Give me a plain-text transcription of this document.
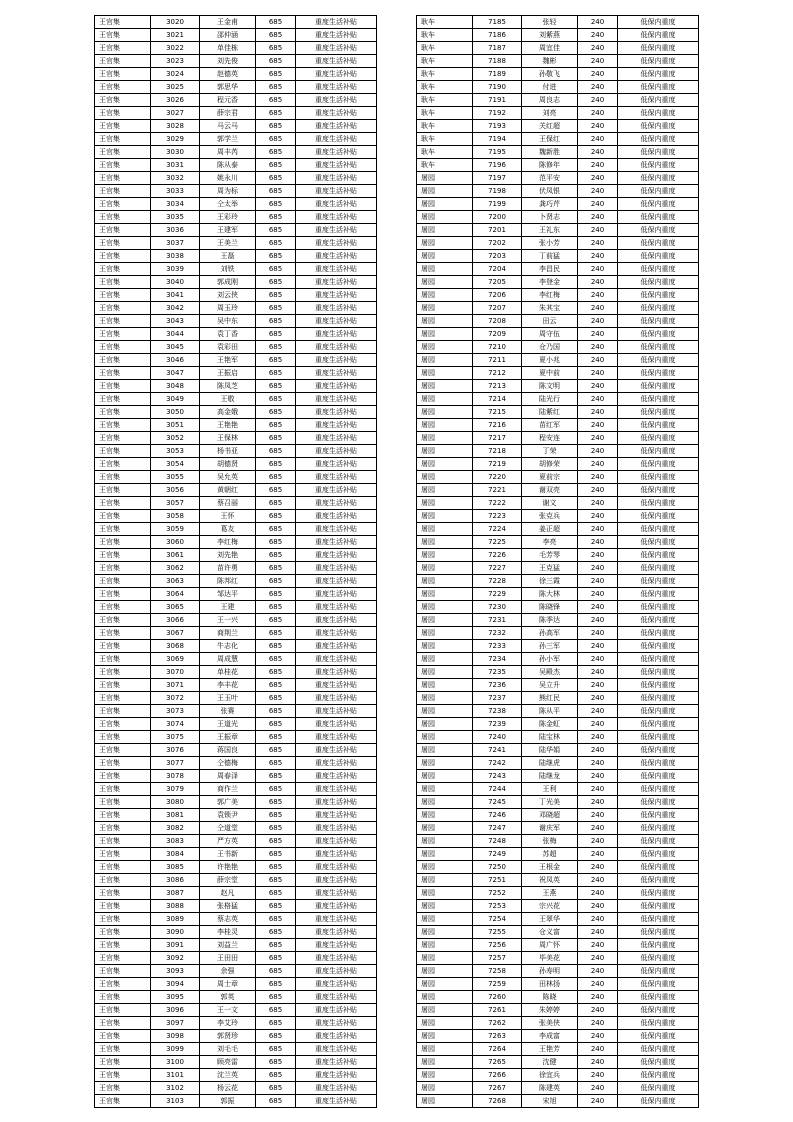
王官集	3020	王金甫	685	重度生活补贴
王官集	3021	邵仲涵	685	重度生活补贴
王官集	3022	单佳栋	685	重度生活补贴
王官集	3023	刘先俊	685	重度生活补贴
王官集	3024	赵德英	685	重度生活补贴
王官集	3025	郭思华	685	重度生活补贴
王官集	3026	程元香	685	重度生活补贴
王官集	3027	薛宗君	685	重度生活补贴
王官集	3028	马云马	685	重度生活补贴
王官集	3029	郭学兰	685	重度生活补贴
王官集	3030	周丰芮	685	重度生活补贴
王官集	3031	陈从泰	685	重度生活补贴
王官集	3032	姚永川	685	重度生活补贴
王官集	3033	周为标	685	重度生活补贴
王官集	3034	仝太举	685	重度生活补贴
王官集	3035	王彩玲	685	重度生活补贴
王官集	3036	王建军	685	重度生活补贴
王官集	3037	王美兰	685	重度生活补贴
王官集	3038	王磊	685	重度生活补贴
王官集	3039	刘铁	685	重度生活补贴
王官集	3040	郭成刚	685	重度生活补贴
王官集	3041	刘云侠	685	重度生活补贴
王官集	3042	周玉玲	685	重度生活补贴
王官集	3043	吴中东	685	重度生活补贴
王官集	3044	袁丁香	685	重度生活补贴
王官集	3045	袁彩田	685	重度生活补贴
王官集	3046	王艳军	685	重度生活补贴
王官集	3047	王振启	685	重度生活补贴
王官集	3048	陈凤芝	685	重度生活补贴
王官集	3049	王敬	685	重度生活补贴
王官集	3050	高金娥	685	重度生活补贴
王官集	3051	王艳艳	685	重度生活补贴
王官集	3052	王保林	685	重度生活补贴
王官集	3053	杨书亚	685	重度生活补贴
王官集	3054	胡德贤	685	重度生活补贴
王官集	3055	吴允英	685	重度生活补贴
王官集	3056	黄朝红	685	重度生活补贴
王官集	3057	蔡召丽	685	重度生活补贴
王官集	3058	王怀	685	重度生活补贴
王官集	3059	葛友	685	重度生活补贴
王官集	3060	李红梅	685	重度生活补贴
王官集	3061	刘先艳	685	重度生活补贴
王官集	3062	苗许勇	685	重度生活补贴
王官集	3063	陈邦红	685	重度生活补贴
王官集	3064	邹达平	685	重度生活补贴
王官集	3065	王建	685	重度生活补贴
王官集	3066	王一兴	685	重度生活补贴
王官集	3067	商荆兰	685	重度生活补贴
王官集	3068	牛志化	685	重度生活补贴
王官集	3069	周成慧	685	重度生活补贴
王官集	3070	单桂花	685	重度生活补贴
王官集	3071	李丰花	685	重度生活补贴
王官集	3072	王玉叶	685	重度生活补贴
王官集	3073	张赛	685	重度生活补贴
王官集	3074	王道光	685	重度生活补贴
王官集	3075	王振章	685	重度生活补贴
王官集	3076	蒋国良	685	重度生活补贴
王官集	3077	仝德梅	685	重度生活补贴
王官集	3078	周春泽	685	重度生活补贴
王官集	3079	商作兰	685	重度生活补贴
王官集	3080	郭广美	685	重度生活补贴
王官集	3081	袁锁尹	685	重度生活补贴
王官集	3082	仝道堂	685	重度生活补贴
王官集	3083	严方英	685	重度生活补贴
王官集	3084	王书新	685	重度生活补贴
王官集	3085	许艳艳	685	重度生活补贴
王官集	3086	薛宗堂	685	重度生活补贴
王官集	3087	赵凡	685	重度生活补贴
王官集	3088	张格猛	685	重度生活补贴
王官集	3089	蔡志英	685	重度生活补贴
王官集	3090	李桂灵	685	重度生活补贴
王官集	3091	刘益兰	685	重度生活补贴
王官集	3092	王田田	685	重度生活补贴
王官集	3093	余强	685	重度生活补贴
王官集	3094	周士章	685	重度生活补贴
王官集	3095	郭英	685	重度生活补贴
王官集	3096	王一文	685	重度生活补贴
王官集	3097	李艾玲	685	重度生活补贴
王官集	3098	郭贤珍	685	重度生活补贴
王官集	3099	刘毛毛	685	重度生活补贴
王官集	3100	顾亮雷	685	重度生活补贴
王官集	3101	沈兰英	685	重度生活补贴
王官集	3102	杨云花	685	重度生活补贴
王官集	3103	郭振	685	重度生活补贴
耿车	7185	张轻	240	低保内重度
耿车	7186	刘紫燕	240	低保内重度
耿车	7187	周宜佳	240	低保内重度
耿车	7188	魏彬	240	低保内重度
耿车	7189	孙敬飞	240	低保内重度
耿车	7190	付进	240	低保内重度
耿车	7191	周良志	240	低保内重度
耿车	7192	刘亮	240	低保内重度
耿车	7193	关红超	240	低保内重度
耿车	7194	王保红	240	低保内重度
耿车	7195	魏新胜	240	低保内重度
耿车	7196	陈修年	240	低保内重度
屠园	7197	范平安	240	低保内重度
屠园	7198	伏凤银	240	低保内重度
屠园	7199	龚巧芹	240	低保内重度
屠园	7200	卜贤志	240	低保内重度
屠园	7201	王礼东	240	低保内重度
屠园	7202	张小芳	240	低保内重度
屠园	7203	丁前猛	240	低保内重度
屠园	7204	李昌民	240	低保内重度
屠园	7205	李登金	240	低保内重度
屠园	7206	李红梅	240	低保内重度
屠园	7207	朱其宝	240	低保内重度
屠园	7208	田云	240	低保内重度
屠园	7209	周守伍	240	低保内重度
屠园	7210	仓乃国	240	低保内重度
屠园	7211	夏小兆	240	低保内重度
屠园	7212	夏中前	240	低保内重度
屠园	7213	陈文明	240	低保内重度
屠园	7214	陆光行	240	低保内重度
屠园	7215	陆紫红	240	低保内重度
屠园	7216	苗红军	240	低保内重度
屠园	7217	程安连	240	低保内重度
屠园	7218	丁荣	240	低保内重度
屠园	7219	胡修荣	240	低保内重度
屠园	7220	夏前宗	240	低保内重度
屠园	7221	谢双亮	240	低保内重度
屠园	7222	谢文	240	低保内重度
屠园	7223	张克兵	240	低保内重度
屠园	7224	姜正超	240	低保内重度
屠园	7225	李亮	240	低保内重度
屠园	7226	毛芳琴	240	低保内重度
屠园	7227	王克猛	240	低保内重度
屠园	7228	徐三霞	240	低保内重度
屠园	7229	陈大林	240	低保内重度
屠园	7230	陈晓锋	240	低保内重度
屠园	7231	陈季达	240	低保内重度
屠园	7232	孙高军	240	低保内重度
屠园	7233	孙三军	240	低保内重度
屠园	7234	孙小军	240	低保内重度
屠园	7235	吴殿杰	240	低保内重度
屠园	7236	吴立升	240	低保内重度
屠园	7237	熊红民	240	低保内重度
屠园	7238	陈从平	240	低保内重度
屠园	7239	陈金虹	240	低保内重度
屠园	7240	陆宝林	240	低保内重度
屠园	7241	陆华娟	240	低保内重度
屠园	7242	陆继虎	240	低保内重度
屠园	7243	陆继龙	240	低保内重度
屠园	7244	王利	240	低保内重度
屠园	7245	丁光美	240	低保内重度
屠园	7246	邓晓超	240	低保内重度
屠园	7247	谢庆军	240	低保内重度
屠园	7248	张梅	240	低保内重度
屠园	7249	苏超	240	低保内重度
屠园	7250	王根金	240	低保内重度
屠园	7251	祝凤英	240	低保内重度
屠园	7252	王燕	240	低保内重度
屠园	7253	宗兴花	240	低保内重度
屠园	7254	王翠华	240	低保内重度
屠园	7255	仓义富	240	低保内重度
屠园	7256	周广怀	240	低保内重度
屠园	7257	毕美花	240	低保内重度
屠园	7258	孙寿明	240	低保内重度
屠园	7259	田林扬	240	低保内重度
屠园	7260	陈晓	240	低保内重度
屠园	7261	朱婷婷	240	低保内重度
屠园	7262	张美侠	240	低保内重度
屠园	7263	李成富	240	低保内重度
屠园	7264	王艳芳	240	低保内重度
屠园	7265	沈健	240	低保内重度
屠园	7266	徐宜兵	240	低保内重度
屠园	7267	陈建英	240	低保内重度
屠园	7268	宋旭	240	低保内重度
